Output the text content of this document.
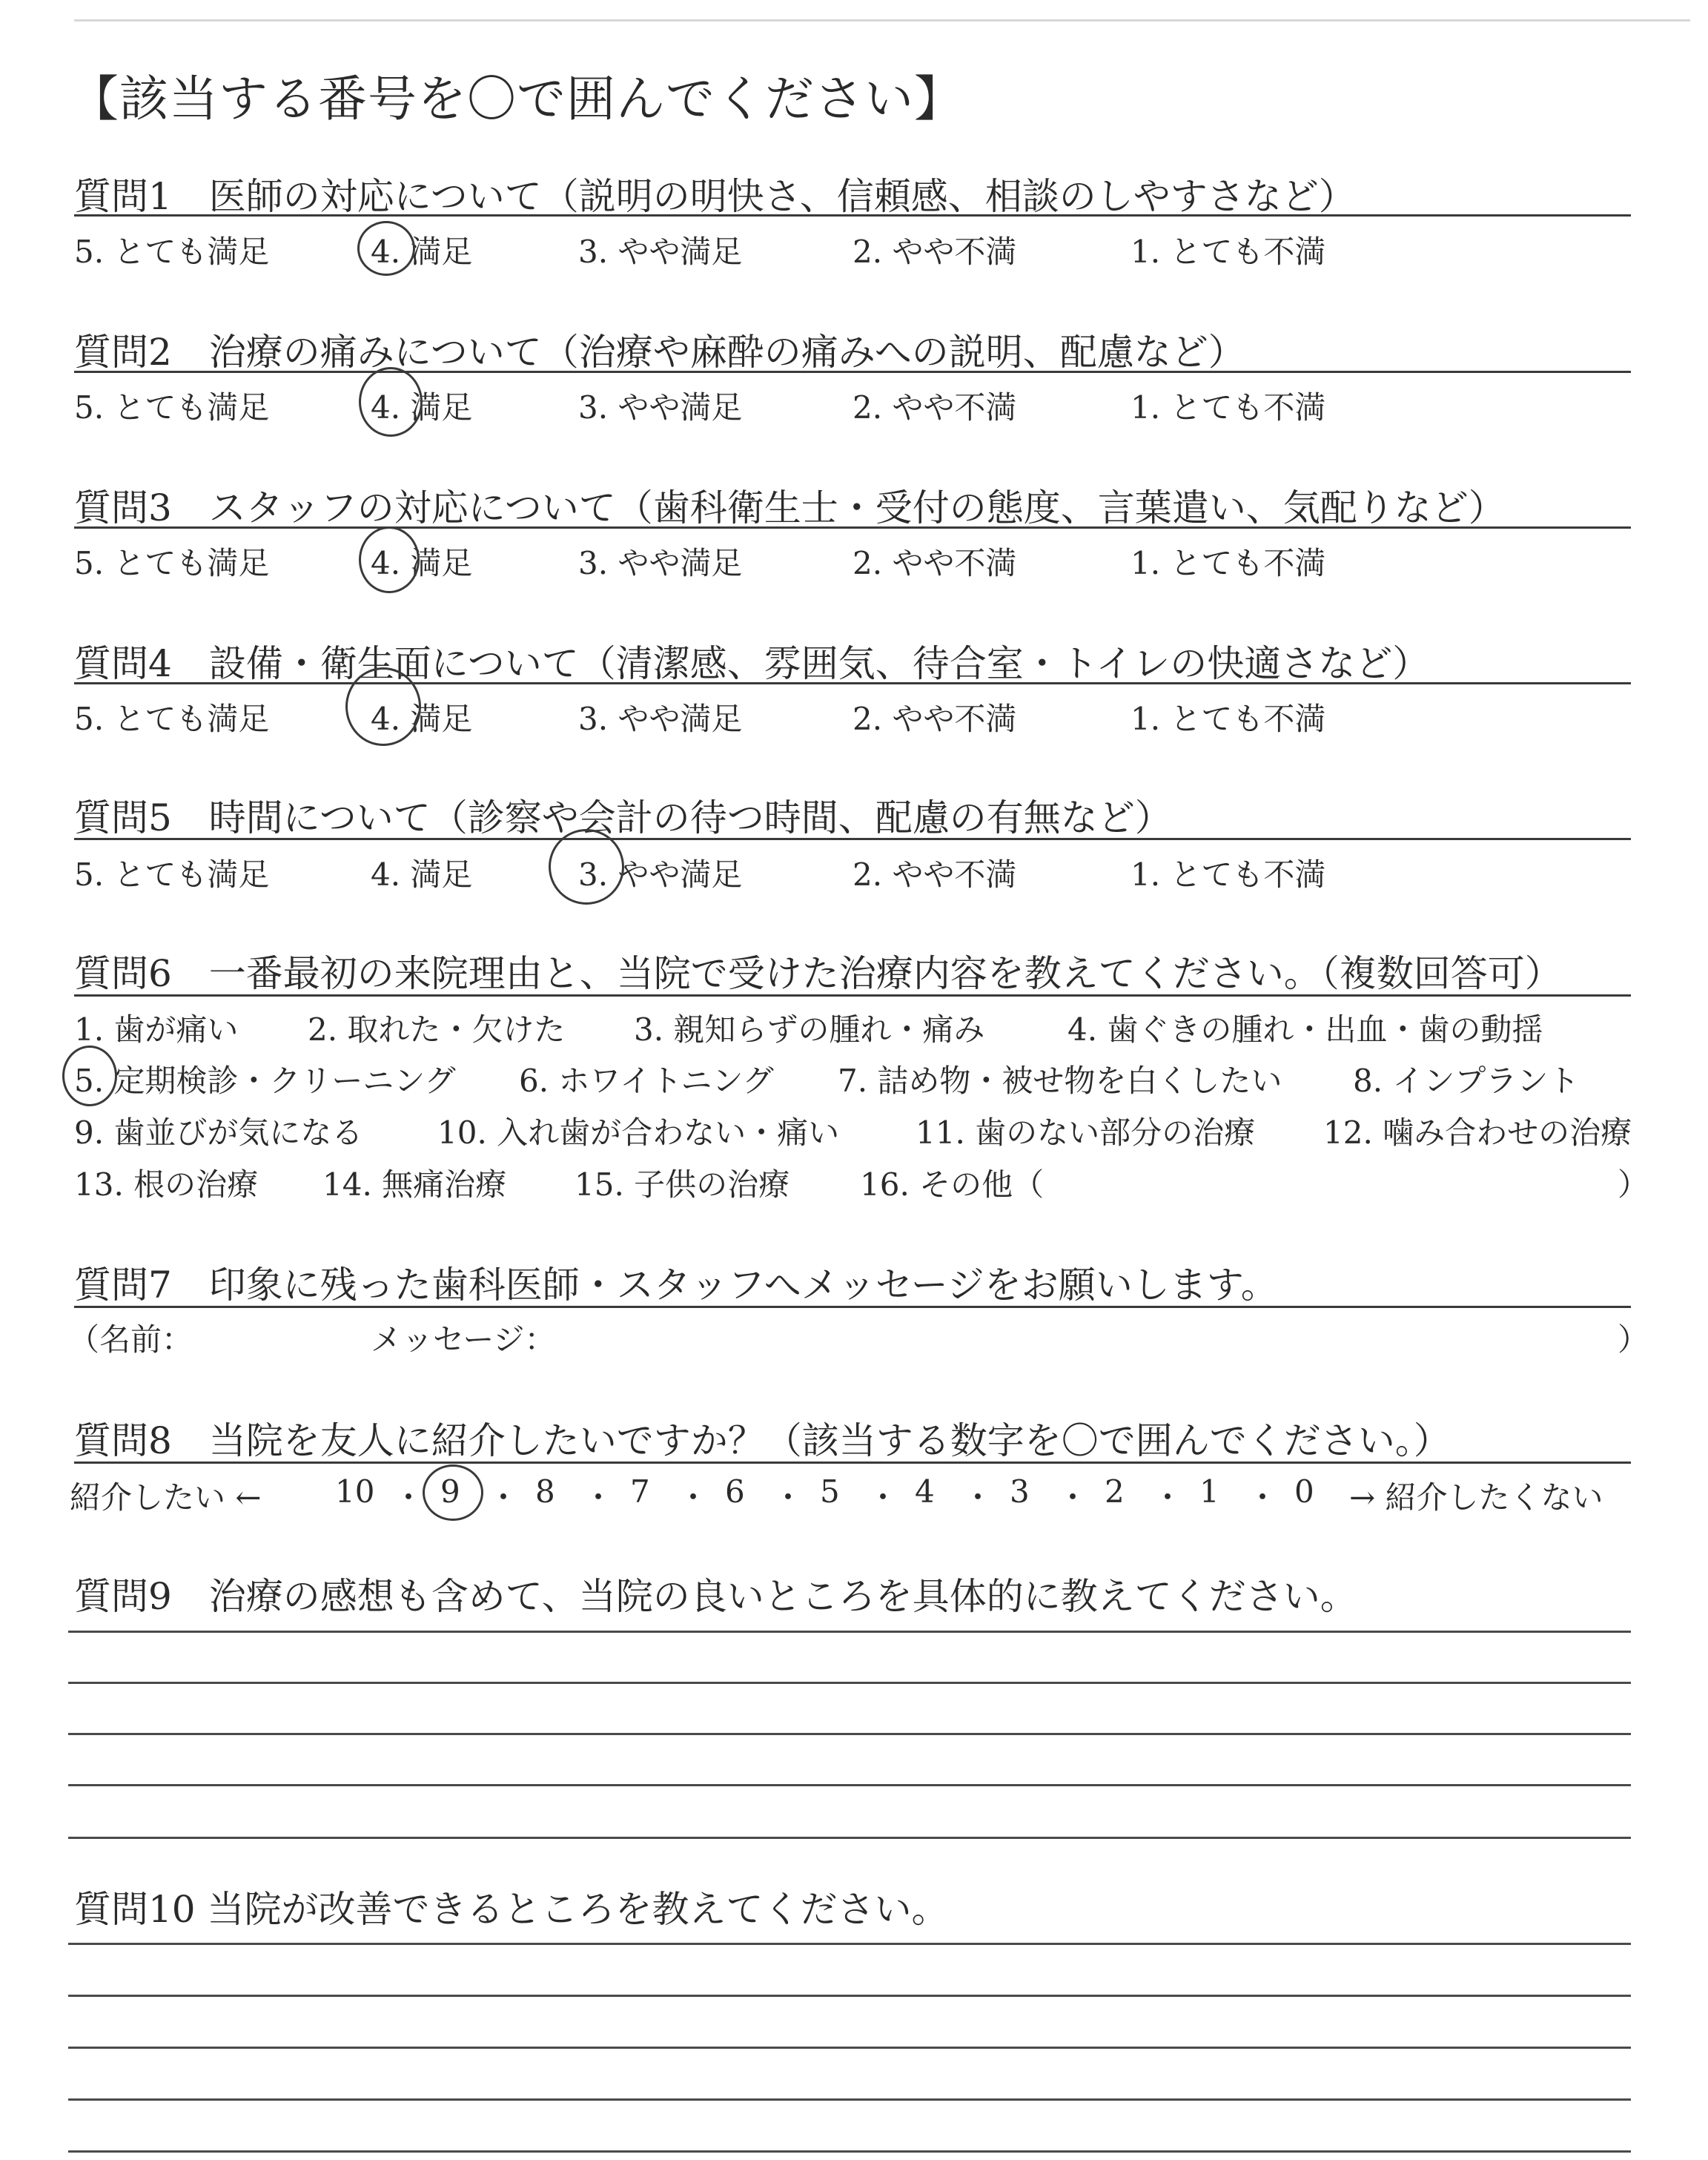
【該当する番号を〇で囲んでください】
質問1　医師の対応について（説明の明快さ、信頼感、相談のしやすさなど）
5. とても満足	4. 満足	3. やや満足	2. やや不満	1. とても不満
質問2　治療の痛みについて（治療や麻酔の痛みへの説明、配慮など）
5. とても満足	4. 満足	3. やや満足	2. やや不満	1. とても不満
質問3　スタッフの対応について（歯科衛生士・受付の態度、言葉遣い、気配りなど）
5. とても満足	4. 満足	3. やや満足	2. やや不満	1. とても不満
質問4　設備・衛生面について（清潔感、雰囲気、待合室・トイレの快適さなど）
5. とても満足	4. 満足	3. やや満足	2. やや不満	1. とても不満
質問5　時間について（診察や会計の待つ時間、配慮の有無など）
5. とても満足	4. 満足	3. やや満足	2. やや不満	1. とても不満
質問6　一番最初の来院理由と、当院で受けた治療内容を教えてください。（複数回答可）
1. 歯が痛い 2. 取れた・欠けた 3. 親知らずの腫れ・痛み	4. 歯ぐきの腫れ・出血・歯の動揺
5. 定期検診・クリーニング 6. ホワイトニング 7. 詰め物・被せ物を白くしたい 8. インプラント
9. 歯並びが気になる 10. 入れ歯が合わない・痛い 11. 歯のない部分の治療 12. 噛み合わせの治療
13. 根の治療 14. 無痛治療 15. 子供の治療 16. その他（	）
質問7　印象に残った歯科医師・スタッフへメッセージをお願いします。
（名前：	メッセージ：	）
質問8　当院を友人に紹介したいですか？（該当する数字を〇で囲んでください。）
紹介したい ← 10 ・ 9 ・ 8 ・ 7 ・ 6 ・ 5 ・ 4 ・ 3 ・ 2 ・ 1 ・ 0 → 紹介したくない
質問9　治療の感想も含めて、当院の良いところを具体的に教えてください。
質問10 当院が改善できるところを教えてください。
